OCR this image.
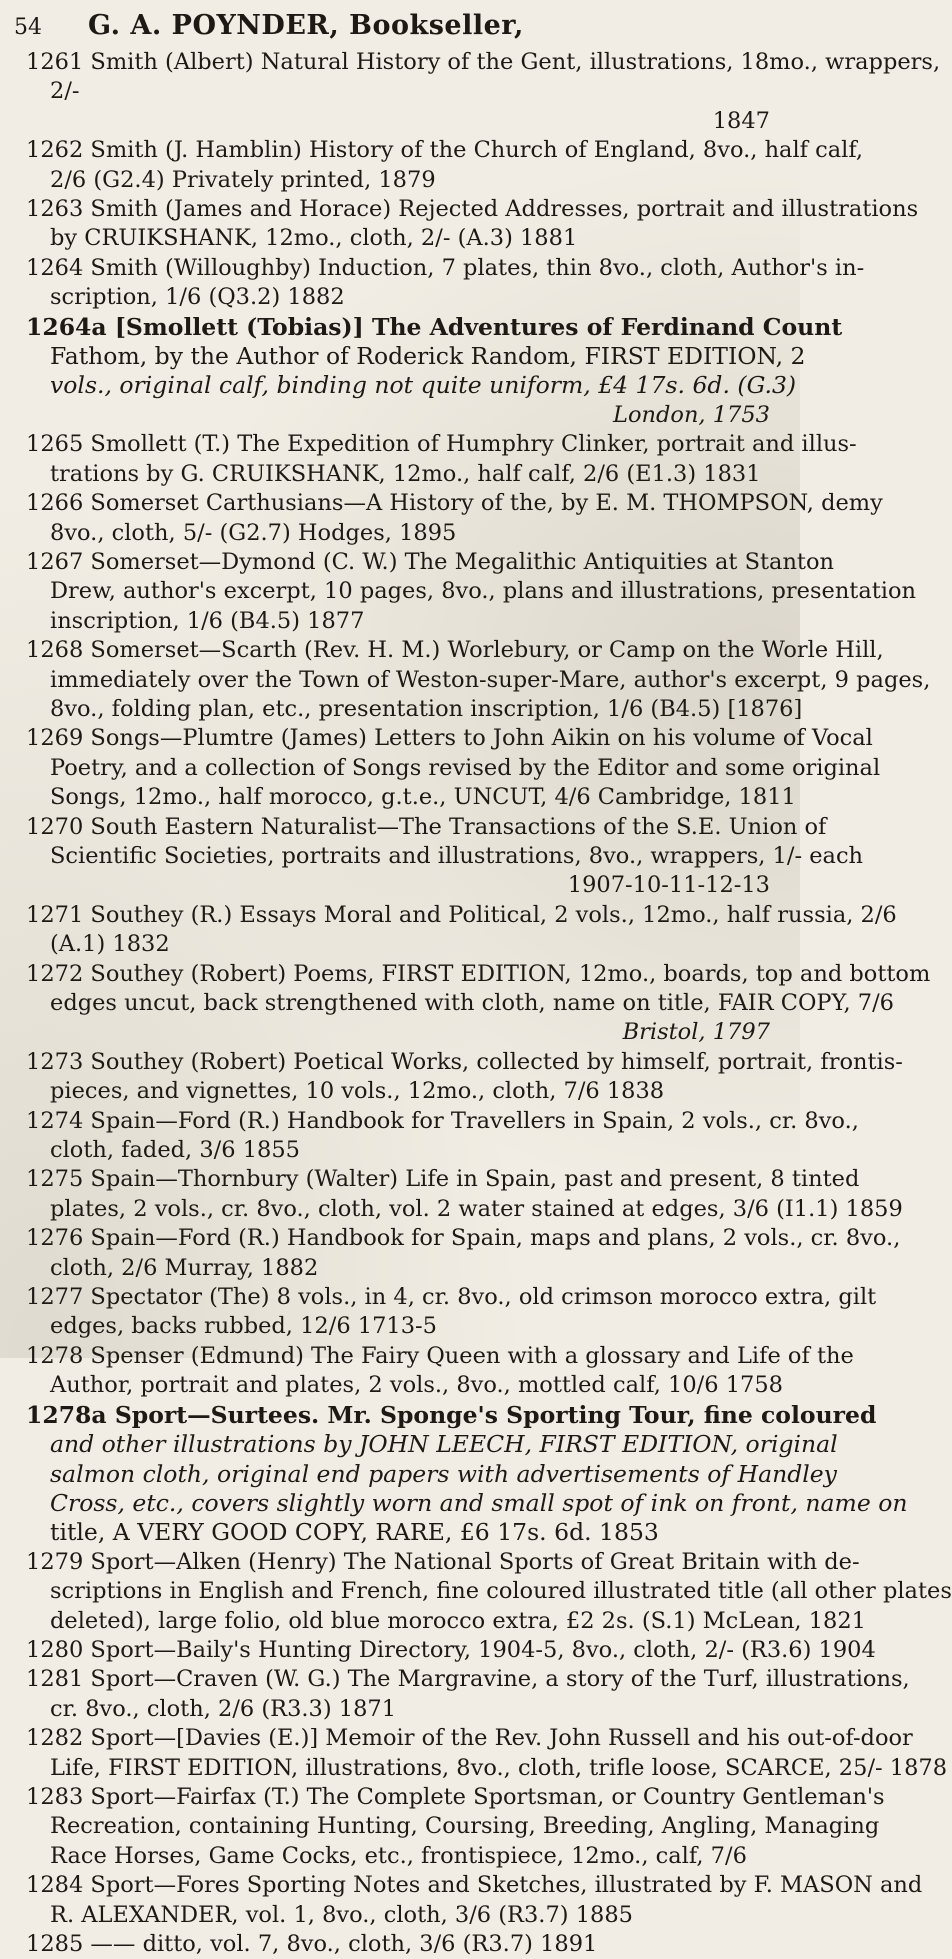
54	G. A. POYNDER, Bookseller,
1261 Smith (Albert) Natural History of the Gent, illustrations, 18mo., wrappers,
2/-
1847
1262 Smith (J. Hamblin) History of the Church of England, 8vo., half calf,
2/6 (G2.4) Privately printed, 1879
1263 Smith (James and Horace) Rejected Addresses, portrait and illustrations
by CRUIKSHANK, 12mo., cloth, 2/- (A.3) 1881
1264 Smith (Willoughby) Induction, 7 plates, thin 8vo., cloth, Author's in-
scription, 1/6 (Q3.2) 1882
1264a [Smollett (Tobias)] The Adventures of Ferdinand Count
Fathom, by the Author of Roderick Random, FIRST EDITION, 2
vols., original calf, binding not quite uniform, £4 17s. 6d. (G.3)
London, 1753
1265 Smollett (T.) The Expedition of Humphry Clinker, portrait and illus-
trations by G. CRUIKSHANK, 12mo., half calf, 2/6 (E1.3) 1831
1266 Somerset Carthusians—A History of the, by E. M. THOMPSON, demy
8vo., cloth, 5/- (G2.7) Hodges, 1895
1267 Somerset—Dymond (C. W.) The Megalithic Antiquities at Stanton
Drew, author's excerpt, 10 pages, 8vo., plans and illustrations, presentation
inscription, 1/6 (B4.5) 1877
1268 Somerset—Scarth (Rev. H. M.) Worlebury, or Camp on the Worle Hill,
immediately over the Town of Weston-super-Mare, author's excerpt, 9 pages,
8vo., folding plan, etc., presentation inscription, 1/6 (B4.5) [1876]
1269 Songs—Plumtre (James) Letters to John Aikin on his volume of Vocal
Poetry, and a collection of Songs revised by the Editor and some original
Songs, 12mo., half morocco, g.t.e., UNCUT, 4/6 Cambridge, 1811
1270 South Eastern Naturalist—The Transactions of the S.E. Union of
Scientific Societies, portraits and illustrations, 8vo., wrappers, 1/- each
1907-10-11-12-13
1271 Southey (R.) Essays Moral and Political, 2 vols., 12mo., half russia, 2/6
(A.1) 1832
1272 Southey (Robert) Poems, FIRST EDITION, 12mo., boards, top and bottom
edges uncut, back strengthened with cloth, name on title, FAIR COPY, 7/6
Bristol, 1797
1273 Southey (Robert) Poetical Works, collected by himself, portrait, frontis-
pieces, and vignettes, 10 vols., 12mo., cloth, 7/6 1838
1274 Spain—Ford (R.) Handbook for Travellers in Spain, 2 vols., cr. 8vo.,
cloth, faded, 3/6 1855
1275 Spain—Thornbury (Walter) Life in Spain, past and present, 8 tinted
plates, 2 vols., cr. 8vo., cloth, vol. 2 water stained at edges, 3/6 (I1.1) 1859
1276 Spain—Ford (R.) Handbook for Spain, maps and plans, 2 vols., cr. 8vo.,
cloth, 2/6 Murray, 1882
1277 Spectator (The) 8 vols., in 4, cr. 8vo., old crimson morocco extra, gilt
edges, backs rubbed, 12/6 1713-5
1278 Spenser (Edmund) The Fairy Queen with a glossary and Life of the
Author, portrait and plates, 2 vols., 8vo., mottled calf, 10/6 1758
1278a Sport—Surtees. Mr. Sponge's Sporting Tour, fine coloured
and other illustrations by JOHN LEECH, FIRST EDITION, original
salmon cloth, original end papers with advertisements of Handley
Cross, etc., covers slightly worn and small spot of ink on front, name on
title, A VERY GOOD COPY, RARE, £6 17s. 6d. 1853
1279 Sport—Alken (Henry) The National Sports of Great Britain with de-
scriptions in English and French, fine coloured illustrated title (all other plates
deleted), large folio, old blue morocco extra, £2 2s. (S.1) McLean, 1821
1280 Sport—Baily's Hunting Directory, 1904-5, 8vo., cloth, 2/- (R3.6) 1904
1281 Sport—Craven (W. G.) The Margravine, a story of the Turf, illustrations,
cr. 8vo., cloth, 2/6 (R3.3) 1871
1282 Sport—[Davies (E.)] Memoir of the Rev. John Russell and his out-of-door
Life, FIRST EDITION, illustrations, 8vo., cloth, trifle loose, SCARCE, 25/- 1878
1283 Sport—Fairfax (T.) The Complete Sportsman, or Country Gentleman's
Recreation, containing Hunting, Coursing, Breeding, Angling, Managing
Race Horses, Game Cocks, etc., frontispiece, 12mo., calf, 7/6
1284 Sport—Fores Sporting Notes and Sketches, illustrated by F. MASON and
R. ALEXANDER, vol. 1, 8vo., cloth, 3/6 (R3.7) 1885
1285 —— ditto, vol. 7, 8vo., cloth, 3/6 (R3.7) 1891
